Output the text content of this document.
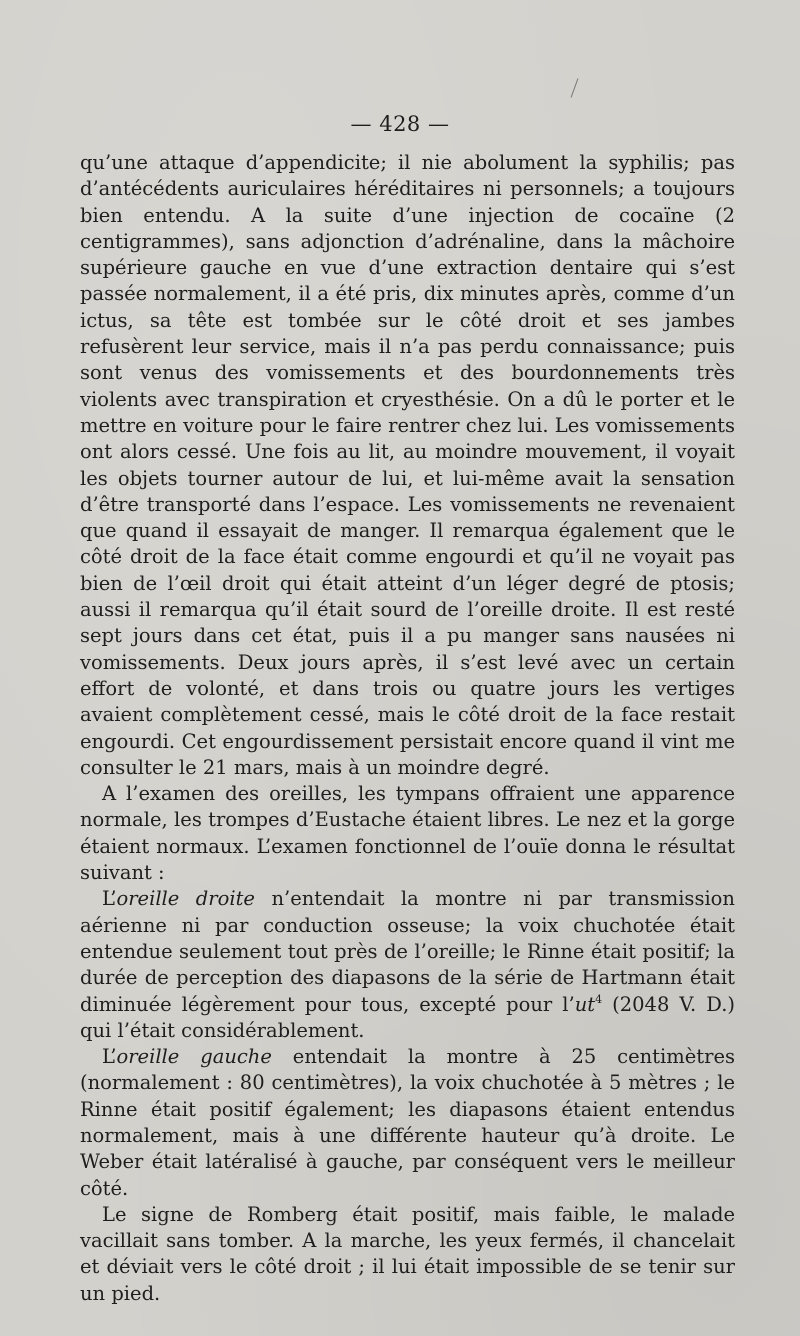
— 428 —

qu’une attaque d’appendicite; il nie abolument la syphilis; pas d’antécédents auriculaires héréditaires ni personnels; a toujours bien entendu. A la suite d’une injection de cocaïne (2 centigrammes), sans adjonction d’adrénaline, dans la mâchoire supérieure gauche en vue d’une extraction dentaire qui s’est passée normalement, il a été pris, dix minutes après, comme d’un ictus, sa tête est tombée sur le côté droit et ses jambes refusèrent leur service, mais il n’a pas perdu connaissance; puis sont venus des vomissements et des bourdonnements très violents avec transpiration et cryesthésie. On a dû le porter et le mettre en voiture pour le faire rentrer chez lui. Les vomissements ont alors cessé. Une fois au lit, au moindre mouvement, il voyait les objets tourner autour de lui, et lui-même avait la sensation d’être transporté dans l’espace. Les vomissements ne revenaient que quand il essayait de manger. Il remarqua également que le côté droit de la face était comme engourdi et qu’il ne voyait pas bien de l’œil droit qui était atteint d’un léger degré de ptosis; aussi il remarqua qu’il était sourd de l’oreille droite. Il est resté sept jours dans cet état, puis il a pu manger sans nausées ni vomissements. Deux jours après, il s’est levé avec un certain effort de volonté, et dans trois ou quatre jours les vertiges avaient complètement cessé, mais le côté droit de la face restait engourdi. Cet engourdissement persistait encore quand il vint me consulter le 21 mars, mais à un moindre degré.

A l’examen des oreilles, les tympans offraient une apparence normale, les trompes d’Eustache étaient libres. Le nez et la gorge étaient normaux. L’examen fonctionnel de l’ouïe donna le résultat suivant :

L’oreille droite n’entendait la montre ni par transmission aérienne ni par conduction osseuse; la voix chuchotée était entendue seulement tout près de l’oreille; le Rinne était positif; la durée de perception des diapasons de la série de Hartmann était diminuée légèrement pour tous, excepté pour $l’ut^4$ (2048 V. D.) qui l’était considérablement.

L’oreille gauche entendait la montre à 25 centimètres (normalement : 80 centimètres), la voix chuchotée à 5 mètres ; le Rinne était positif également; les diapasons étaient entendus normalement, mais à une différente hauteur qu’à droite. Le Weber était latéralisé à gauche, par conséquent vers le meilleur côté.

Le signe de Romberg était positif, mais faible, le malade vacillait sans tomber. A la marche, les yeux fermés, il chancelait et déviait vers le côté droit ; il lui était impossible de se tenir sur un pied.
